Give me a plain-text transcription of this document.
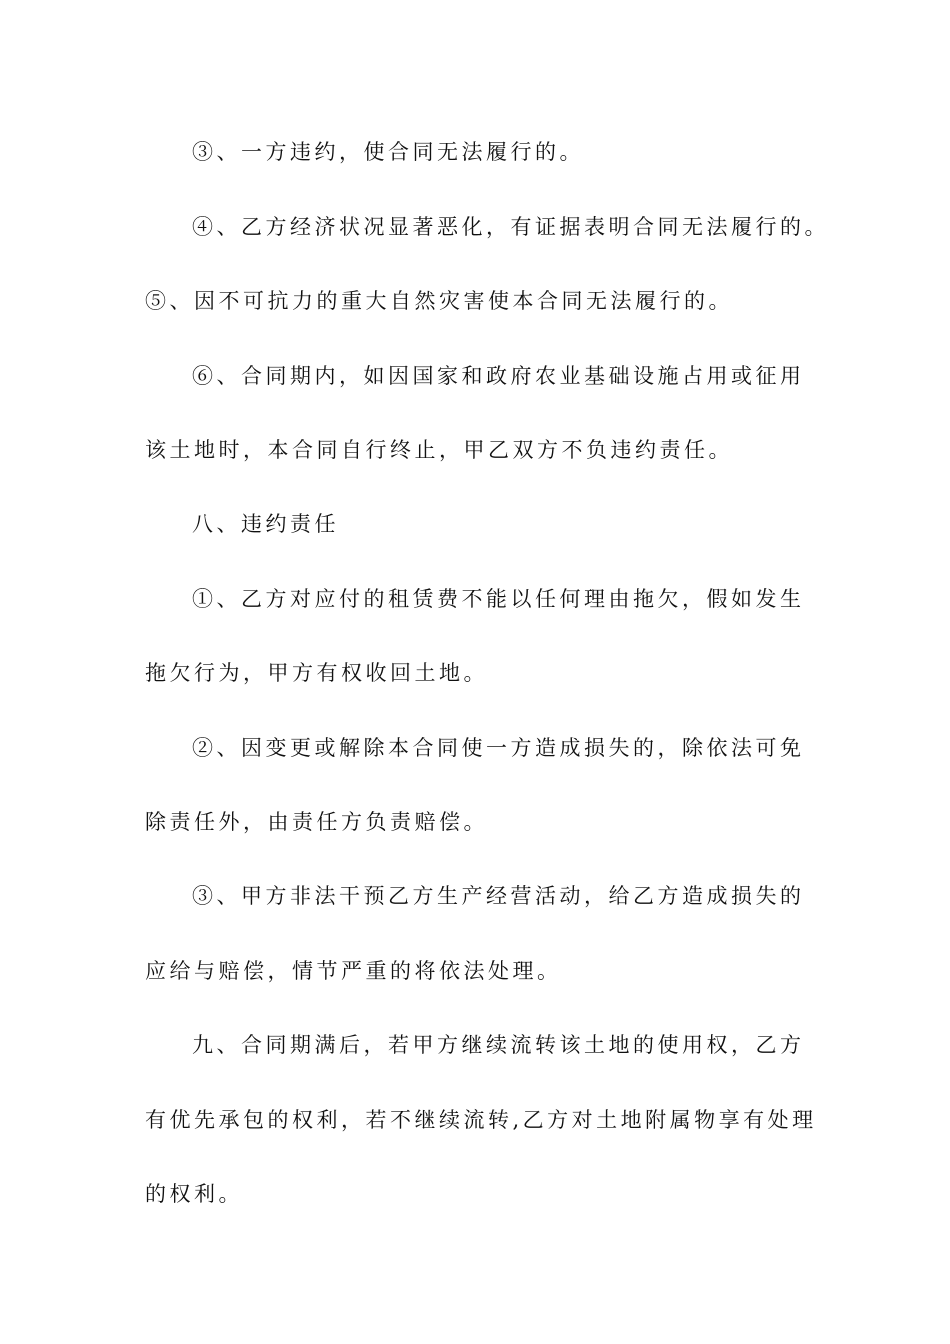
③、一方违约，使合同无法履行的。
④、乙方经济状况显著恶化，有证据表明合同无法履行的。
⑤、因不可抗力的重大自然灾害使本合同无法履行的。
⑥、合同期内，如因国家和政府农业基础设施占用或征用
该土地时，本合同自行终止，甲乙双方不负违约责任。
八、违约责任
①、乙方对应付的租赁费不能以任何理由拖欠，假如发生
拖欠行为，甲方有权收回土地。
②、因变更或解除本合同使一方造成损失的，除依法可免
除责任外，由责任方负责赔偿。
③、甲方非法干预乙方生产经营活动，给乙方造成损失的
应给与赔偿，情节严重的将依法处理。
九、合同期满后，若甲方继续流转该土地的使用权，乙方
有优先承包的权利，若不继续流转,乙方对土地附属物享有处理
的权利。
